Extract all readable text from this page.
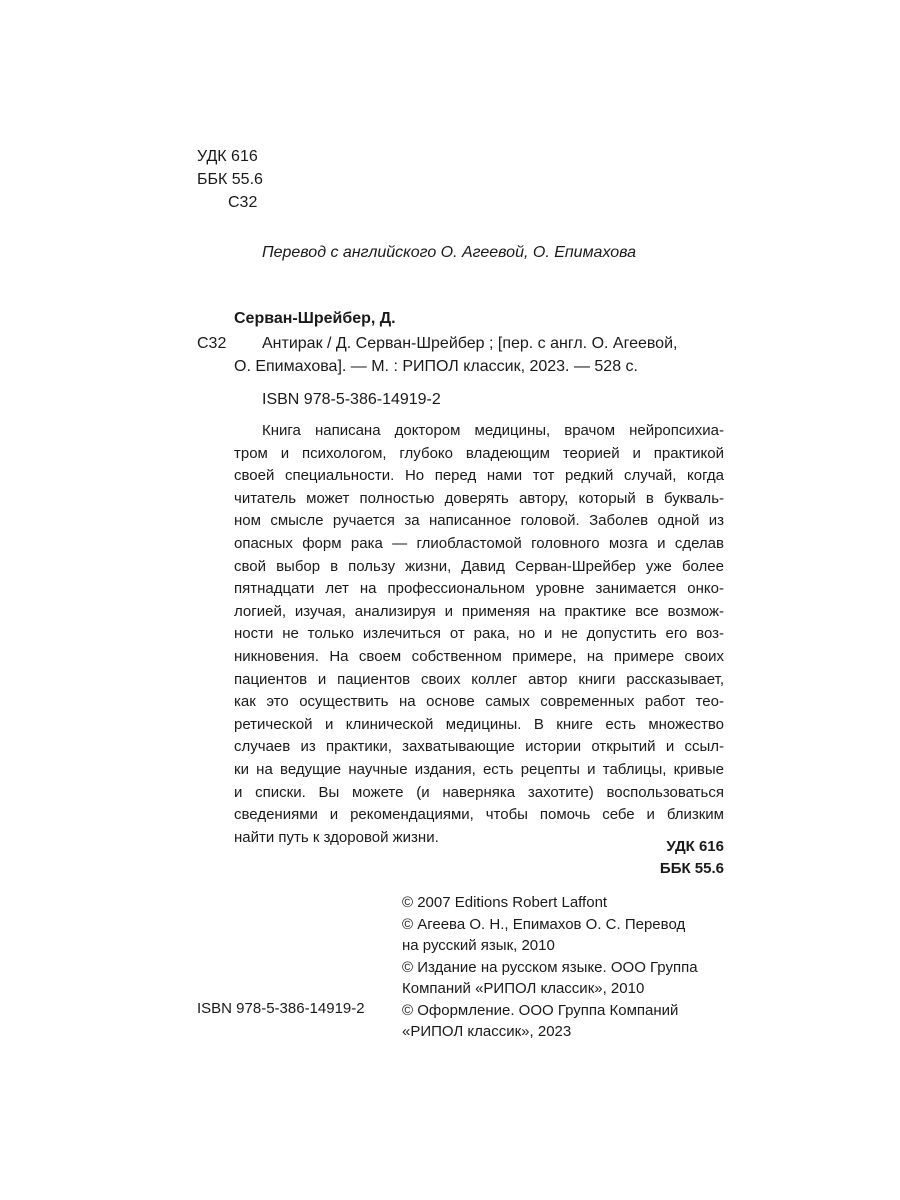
УДК 616
ББК 55.6
С32
Перевод с английского О. Агеевой, О. Епимахова
Серван-Шрейбер, Д.
С32	Антирак / Д. Серван-Шрейбер ; [пер. с англ. О. Агеевой,
О. Епимахова]. — М. : РИПОЛ классик, 2023. — 528 с.
ISBN 978-5-386-14919-2
Книга написана доктором медицины, врачом нейропсихиа-
тром и психологом, глубоко владеющим теорией и практикой
своей специальности. Но перед нами тот редкий случай, когда
читатель может полностью доверять автору, который в букваль-
ном смысле ручается за написанное головой. Заболев одной из
опасных форм рака — глиобластомой головного мозга и сделав
свой выбор в пользу жизни, Давид Серван-Шрейбер уже более
пятнадцати лет на профессиональном уровне занимается онко-
логией, изучая, анализируя и применяя на практике все возмож-
ности не только излечиться от рака, но и не допустить его воз-
никновения. На своем собственном примере, на примере своих
пациентов и пациентов своих коллег автор книги рассказывает,
как это осуществить на основе самых современных работ тео-
ретической и клинической медицины. В книге есть множество
случаев из практики, захватывающие истории открытий и ссыл-
ки на ведущие научные издания, есть рецепты и таблицы, кривые
и списки. Вы можете (и наверняка захотите) воспользоваться
сведениями и рекомендациями, чтобы помочь себе и близким
найти путь к здоровой жизни.
УДК 616
ББК 55.6
© 2007 Editions Robert Laffont
© Агеева О. Н., Епимахов О. С. Перевод
на русский язык, 2010
© Издание на русском языке. ООО Группа
Компаний «РИПОЛ классик», 2010
© Оформление. ООО Группа Компаний
«РИПОЛ классик», 2023
ISBN 978-5-386-14919-2
